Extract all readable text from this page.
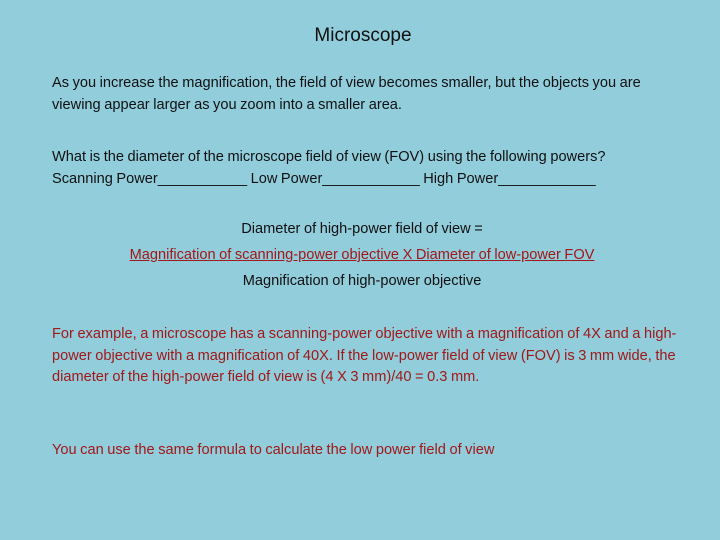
Microscope
As you increase the magnification, the field of view becomes smaller, but the objects you are viewing appear larger as you zoom into a smaller area.
What is the diameter of the microscope field of view (FOV) using the following powers?
Scanning Power___________ Low Power____________ High Power____________
Diameter of high-power field of view =
Magnification of scanning-power objective X Diameter of low-power FOV
Magnification of high-power objective
For example, a microscope has a scanning-power objective with a magnification of 4X and a high-power objective with a magnification of 40X. If the low-power field of view (FOV) is 3 mm wide, the diameter of the high-power field of view is (4 X 3 mm)/40 = 0.3 mm.
You can use the same formula to calculate the low power field of view
